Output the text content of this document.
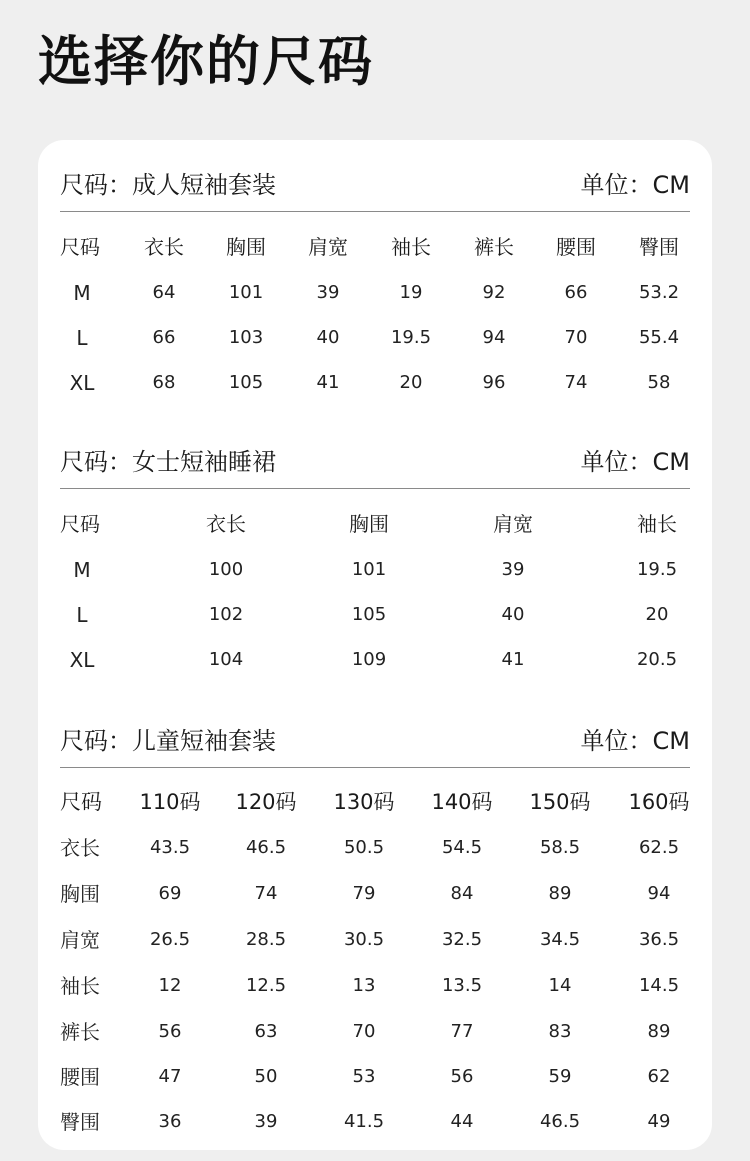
选择你的尺码
尺码：成人短袖套装	单位：CM
尺码 衣长 胸围 肩宽 袖长 裤长 腰围 臀围
M	64	101	39	19	92	66	53.2
L	66	103	40	19.5	94	70	55.4
XL	68	105	41	20	96	74	58
尺码：女士短袖睡裙	单位：CM
尺码	衣长	胸围	肩宽	袖长
M	100	101	39	19.5
L	102	105	40	20
XL	104	109	41	20.5
尺码：儿童短袖套装	单位：CM
尺码 110码 120码 130码 140码 150码 160码
衣长	43.5	46.5	50.5	54.5	58.5	62.5
胸围	69	74	79	84	89	94
肩宽	26.5	28.5	30.5	32.5	34.5	36.5
袖长	12	12.5	13	13.5	14	14.5
裤长	56	63	70	77	83	89
腰围	47	50	53	56	59	62
臀围	36	39	41.5	44	46.5	49
